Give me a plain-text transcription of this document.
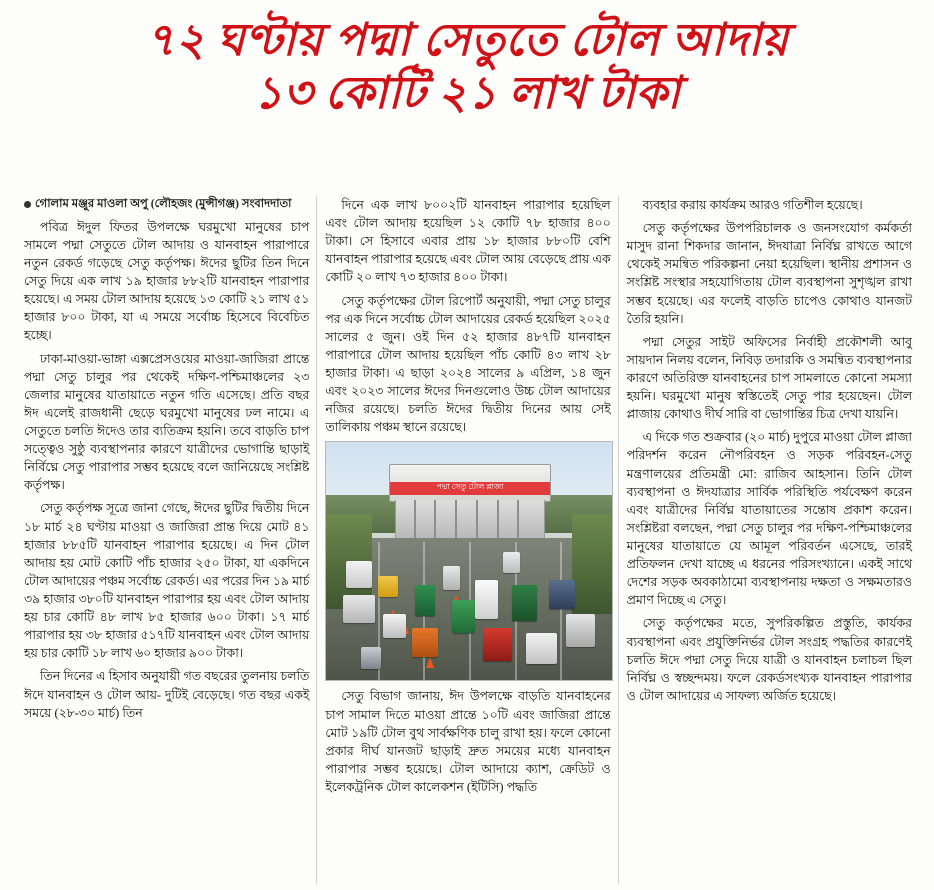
৭২ ঘণ্টায় পদ্মা সেতুতে টোল আদায়
১৩ কোটি ২১ লাখ টাকা
গোলাম মঞ্জুর মাওলা অপু (লৌহজং (মুন্সীগঞ্জ) সংবাদদাতা

পবিত্র ঈদুল ফিতর উপলক্ষে ঘরমুখো মানুষের চাপ সামলে পদ্মা সেতুতে টোল আদায় ও যানবাহন পারাপারে নতুন রেকর্ড গড়েছে সেতু কর্তৃপক্ষ। ঈদের ছুটির তিন দিনে সেতু দিয়ে এক লাখ ১৯ হাজার ৮৮২টি যানবাহন পারাপার হয়েছে। এ সময় টোল আদায় হয়েছে ১৩ কোটি ২১ লাখ ৫১ হাজার ৮০০ টাকা, যা এ সময়ে সর্বোচ্চ হিসেবে বিবেচিত হচ্ছে।

ঢাকা-মাওয়া-ভাঙ্গা এক্সপ্রেসওয়ের মাওয়া-জাজিরা প্রান্তে পদ্মা সেতু চালুর পর থেকেই দক্ষিণ-পশ্চিমাঞ্চলের ২৩ জেলার মানুষের যাতায়াতে নতুন গতি এসেছে। প্রতি বছর ঈদ এলেই রাজধানী ছেড়ে ঘরমুখো মানুষের ঢল নামে। এ সেতুতে চলতি ঈদেও তার ব্যতিক্রম হয়নি। তবে বাড়তি চাপ সত্ত্বেও সুষ্ঠু ব্যবস্থাপনার কারণে যাত্রীদের ভোগান্তি ছাড়াই নির্বিঘ্নে সেতু পারাপার সম্ভব হয়েছে বলে জানিয়েছে সংশ্লিষ্ট কর্তৃপক্ষ।

সেতু কর্তৃপক্ষ সূত্রে জানা গেছে, ঈদের ছুটির দ্বিতীয় দিনে ১৮ মার্চ ২৪ ঘণ্টায় মাওয়া ও জাজিরা প্রান্ত দিয়ে মোট ৪১ হাজার ৮৮৫টি যানবাহন পারাপার হয়েছে। এ দিন টোল আদায় হয় মোট কোটি পাঁচ হাজার ২৫০ টাকা, যা একদিনে টোল আদায়ের পঞ্চম সর্বোচ্চ রেকর্ড। এর পরের দিন ১৯ মার্চ ৩৯ হাজার ৩৮০টি যানবাহন পারাপার হয় এবং টোল আদায় হয় চার কোটি ৪৮ লাখ ৮৫ হাজার ৬০০ টাকা। ১৭ মার্চ পারাপার হয় ৩৮ হাজার ৫১৭টি যানবাহন এবং টোল আদায় হয় চার কোটি ১৮ লাখ ৬০ হাজার ৯০০ টাকা।

তিন দিনের এ হিসাব অনুযায়ী গত বছরের তুলনায় চলতি ঈদে যানবাহন ও টোল আয়- দুটিই বেড়েছে। গত বছর একই সময়ে (২৮-৩০ মার্চ) তিন

দিনে এক লাখ ৮০০২টি যানবাহন পারাপার হয়েছিল এবং টোল আদায় হয়েছিল ১২ কোটি ৭৮ হাজার ৪০০ টাকা। সে হিসাবে এবার প্রায় ১৮ হাজার ৮৮০টি বেশি যানবাহন পারাপার হয়েছে এবং টোল আয় বেড়েছে প্রায় এক কোটি ২০ লাখ ৭৩ হাজার ৪০০ টাকা।

সেতু কর্তৃপক্ষের টোল রিপোর্ট অনুযায়ী, পদ্মা সেতু চালুর পর এক দিনে সর্বোচ্চ টোল আদায়ের রেকর্ড হয়েছিল ২০২৫ সালের ৫ জুন। ওই দিন ৫২ হাজার ৪৮৭টি যানবাহন পারাপারে টোল আদায় হয়েছিল পাঁচ কোটি ৪৩ লাখ ২৮ হাজার টাকা। এ ছাড়া ২০২৪ সালের ৯ এপ্রিল, ১৪ জুন এবং ২০২৩ সালের ঈদের দিনগুলোও উচ্চ টোল আদায়ের নজির রয়েছে। চলতি ঈদের দ্বিতীয় দিনের আয় সেই তালিকায় পঞ্চম স্থানে রয়েছে।

পদ্মা সেতু টোল প্লাজা

সেতু বিভাগ জানায়, ঈদ উপলক্ষে বাড়তি যানবাহনের চাপ সামাল দিতে মাওয়া প্রান্তে ১০টি এবং জাজিরা প্রান্তে মোট ১৯টি টোল বুথ সার্বক্ষণিক চালু রাখা হয়। ফলে কোনো প্রকার দীর্ঘ যানজট ছাড়াই দ্রুত সময়ের মধ্যে যানবাহন পারাপার সম্ভব হয়েছে। টোল আদায়ে ক্যাশ, ক্রেডিট ও ইলেকট্রনিক টোল কালেকশন (ইটিসি) পদ্ধতি

ব্যবহার করায় কার্যক্রম আরও গতিশীল হয়েছে।

সেতু কর্তৃপক্ষের উপপরিচালক ও জনসংযোগ কর্মকর্তা মাসুদ রানা শিকদার জানান, ঈদযাত্রা নির্বিঘ্ন রাখতে আগে থেকেই সমন্বিত পরিকল্পনা নেয়া হয়েছিল। স্থানীয় প্রশাসন ও সংশ্লিষ্ট সংস্থার সহযোগিতায় টোল ব্যবস্থাপনা সুশৃঙ্খল রাখা সম্ভব হয়েছে। এর ফলেই বাড়তি চাপেও কোথাও যানজট তৈরি হয়নি।

পদ্মা সেতুর সাইট অফিসের নির্বাহী প্রকৌশলী আবু সায়দান নিলয় বলেন, নিবিড় তদারকি ও সমন্বিত ব্যবস্থাপনার কারণে অতিরিক্ত যানবাহনের চাপ সামলাতে কোনো সমস্যা হয়নি। ঘরমুখো মানুষ স্বস্তিতেই সেতু পার হয়েছেন। টোল প্লাজায় কোথাও দীর্ঘ সারি বা ভোগান্তির চিত্র দেখা যায়নি।

এ দিকে গত শুক্রবার (২০ মার্চ) দুপুরে মাওয়া টোল প্লাজা পরিদর্শন করেন নৌপরিবহন ও সড়ক পরিবহন-সেতু মন্ত্রণালয়ের প্রতিমন্ত্রী মো: রাজিব আহসান। তিনি টোল ব্যবস্থাপনা ও ঈদযাত্রার সার্বিক পরিস্থিতি পর্যবেক্ষণ করেন এবং যাত্রীদের নির্বিঘ্ন যাতায়াতের সন্তোষ প্রকাশ করেন। সংশ্লিষ্টরা বলছেন, পদ্মা সেতু চালুর পর দক্ষিণ-পশ্চিমাঞ্চলের মানুষের যাতায়াতে যে আমূল পরিবর্তন এসেছে, তারই প্রতিফলন দেখা যাচ্ছে এ ধরনের পরিসংখ্যানে। একই সাথে দেশের সড়ক অবকাঠামো ব্যবস্থাপনায় দক্ষতা ও সক্ষমতারও প্রমাণ দিচ্ছে এ সেতু।

সেতু কর্তৃপক্ষের মতে, সুপরিকল্পিত প্রস্তুতি, কার্যকর ব্যবস্থাপনা এবং প্রযুক্তিনির্ভর টোল সংগ্রহ পদ্ধতির কারণেই চলতি ঈদে পদ্মা সেতু দিয়ে যাত্রী ও যানবাহন চলাচল ছিল নির্বিঘ্ন ও স্বচ্ছন্দময়। ফলে রেকর্ডসংখ্যক যানবাহন পারাপার ও টোল আদায়ের এ সাফল্য অর্জিত হয়েছে।
